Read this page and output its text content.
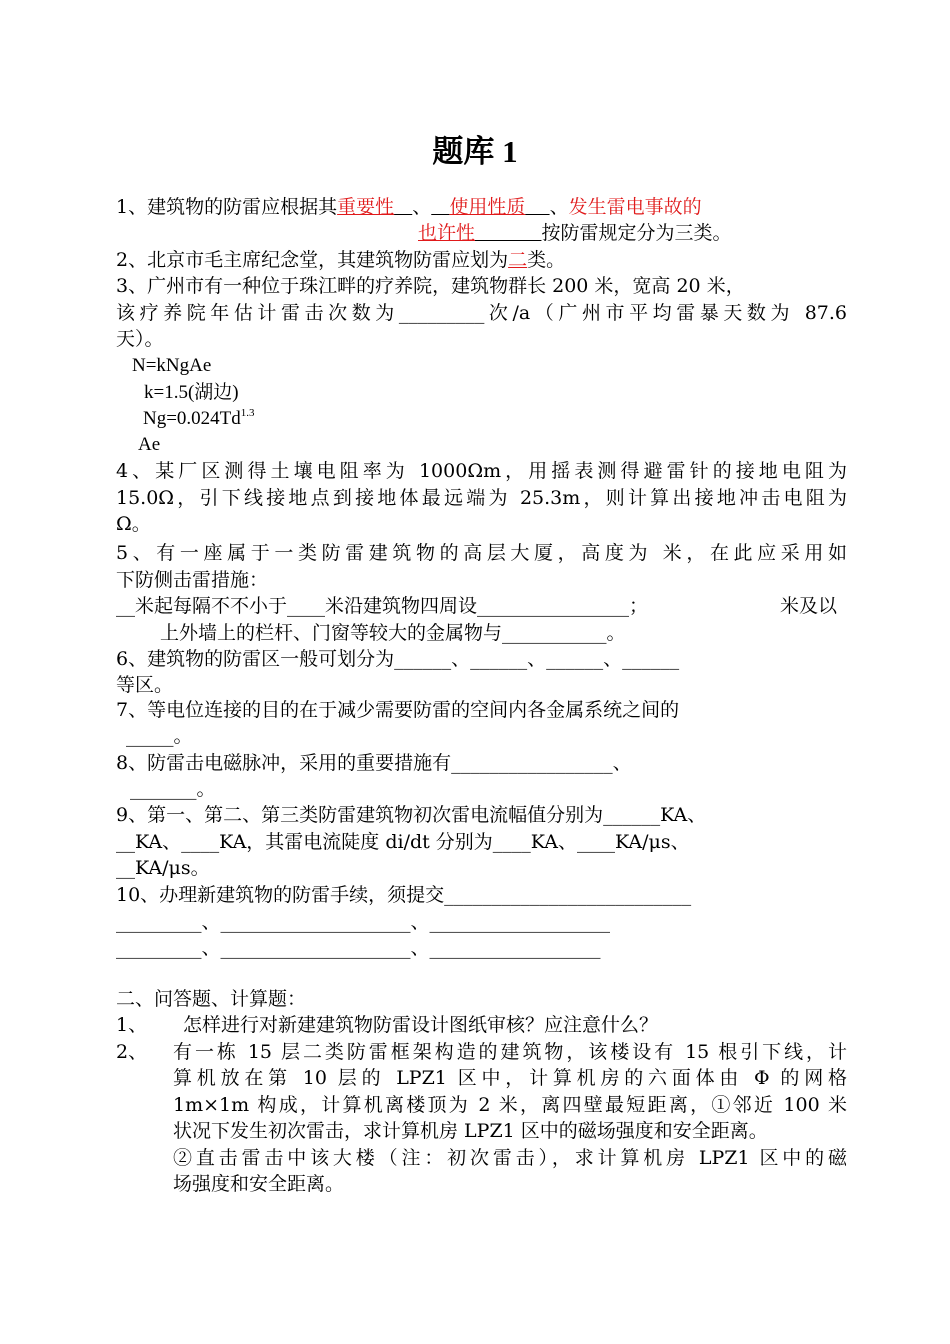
题库 1
1、建筑物的防雷应根据其重要性 、 使用性质 、发生雷电事故的
也许性	按防雷规定分为三类。
2、北京市毛主席纪念堂，其建筑物防雷应划为二类。
3、广州市有一种位于珠江畔的疗养院，建筑物群长 200 米，宽高 20 米，
该疗养院年估计雷击次数为_________次/a（广州市平均雷暴天数为 87.6
天）。
N=kNgAe
k=1.5(湖边)
$Ng=0.024Td^{1.3}$
Ae
4、某厂区测得土壤电阻率为 1000Ωm，用摇表测得避雷针的接地电阻为
15.0Ω，引下线接地点到接地体最远端为 25.3m，则计算出接地冲击电阻为
Ω。
5、有一座属于一类防雷建筑物的高层大厦，高度为 米，在此应采用如
下防侧击雷措施：
__米起每隔不不小于____米沿建筑物四周设________________；	米及以
上外墙上的栏杆、门窗等较大的金属物与___________。
6、建筑物的防雷区一般可划分为______、______、______、______
等区。
7、等电位连接的目的在于减少需要防雷的空间内各金属系统之间的
_____。
8、防雷击电磁脉冲，采用的重要措施有_________________、
_______。
9、第一、第二、第三类防雷建筑物初次雷电流幅值分别为______KA、
__KA、____KA，其雷电流陡度 di/dt 分别为____KA、____KA/μs、
__KA/μs。
10、办理新建筑物的防雷手续，须提交__________________________
_________、____________________、___________________
_________、____________________、__________________
二、问答题、计算题：
1、 怎样进行对新建建筑物防雷设计图纸审核？应注意什么？
2、 有一栋 15 层二类防雷框架构造的建筑物，该楼设有 15 根引下线，计
算机放在第 10 层的 LPZ1 区中，计算机房的六面体由 Φ 的网格
1m×1m 构成，计算机离楼顶为 2 米，离四壁最短距离，①邻近 100 米
状况下发生初次雷击，求计算机房 LPZ1 区中的磁场强度和安全距离。
②直击雷击中该大楼（注：初次雷击），求计算机房 LPZ1 区中的磁
场强度和安全距离。
